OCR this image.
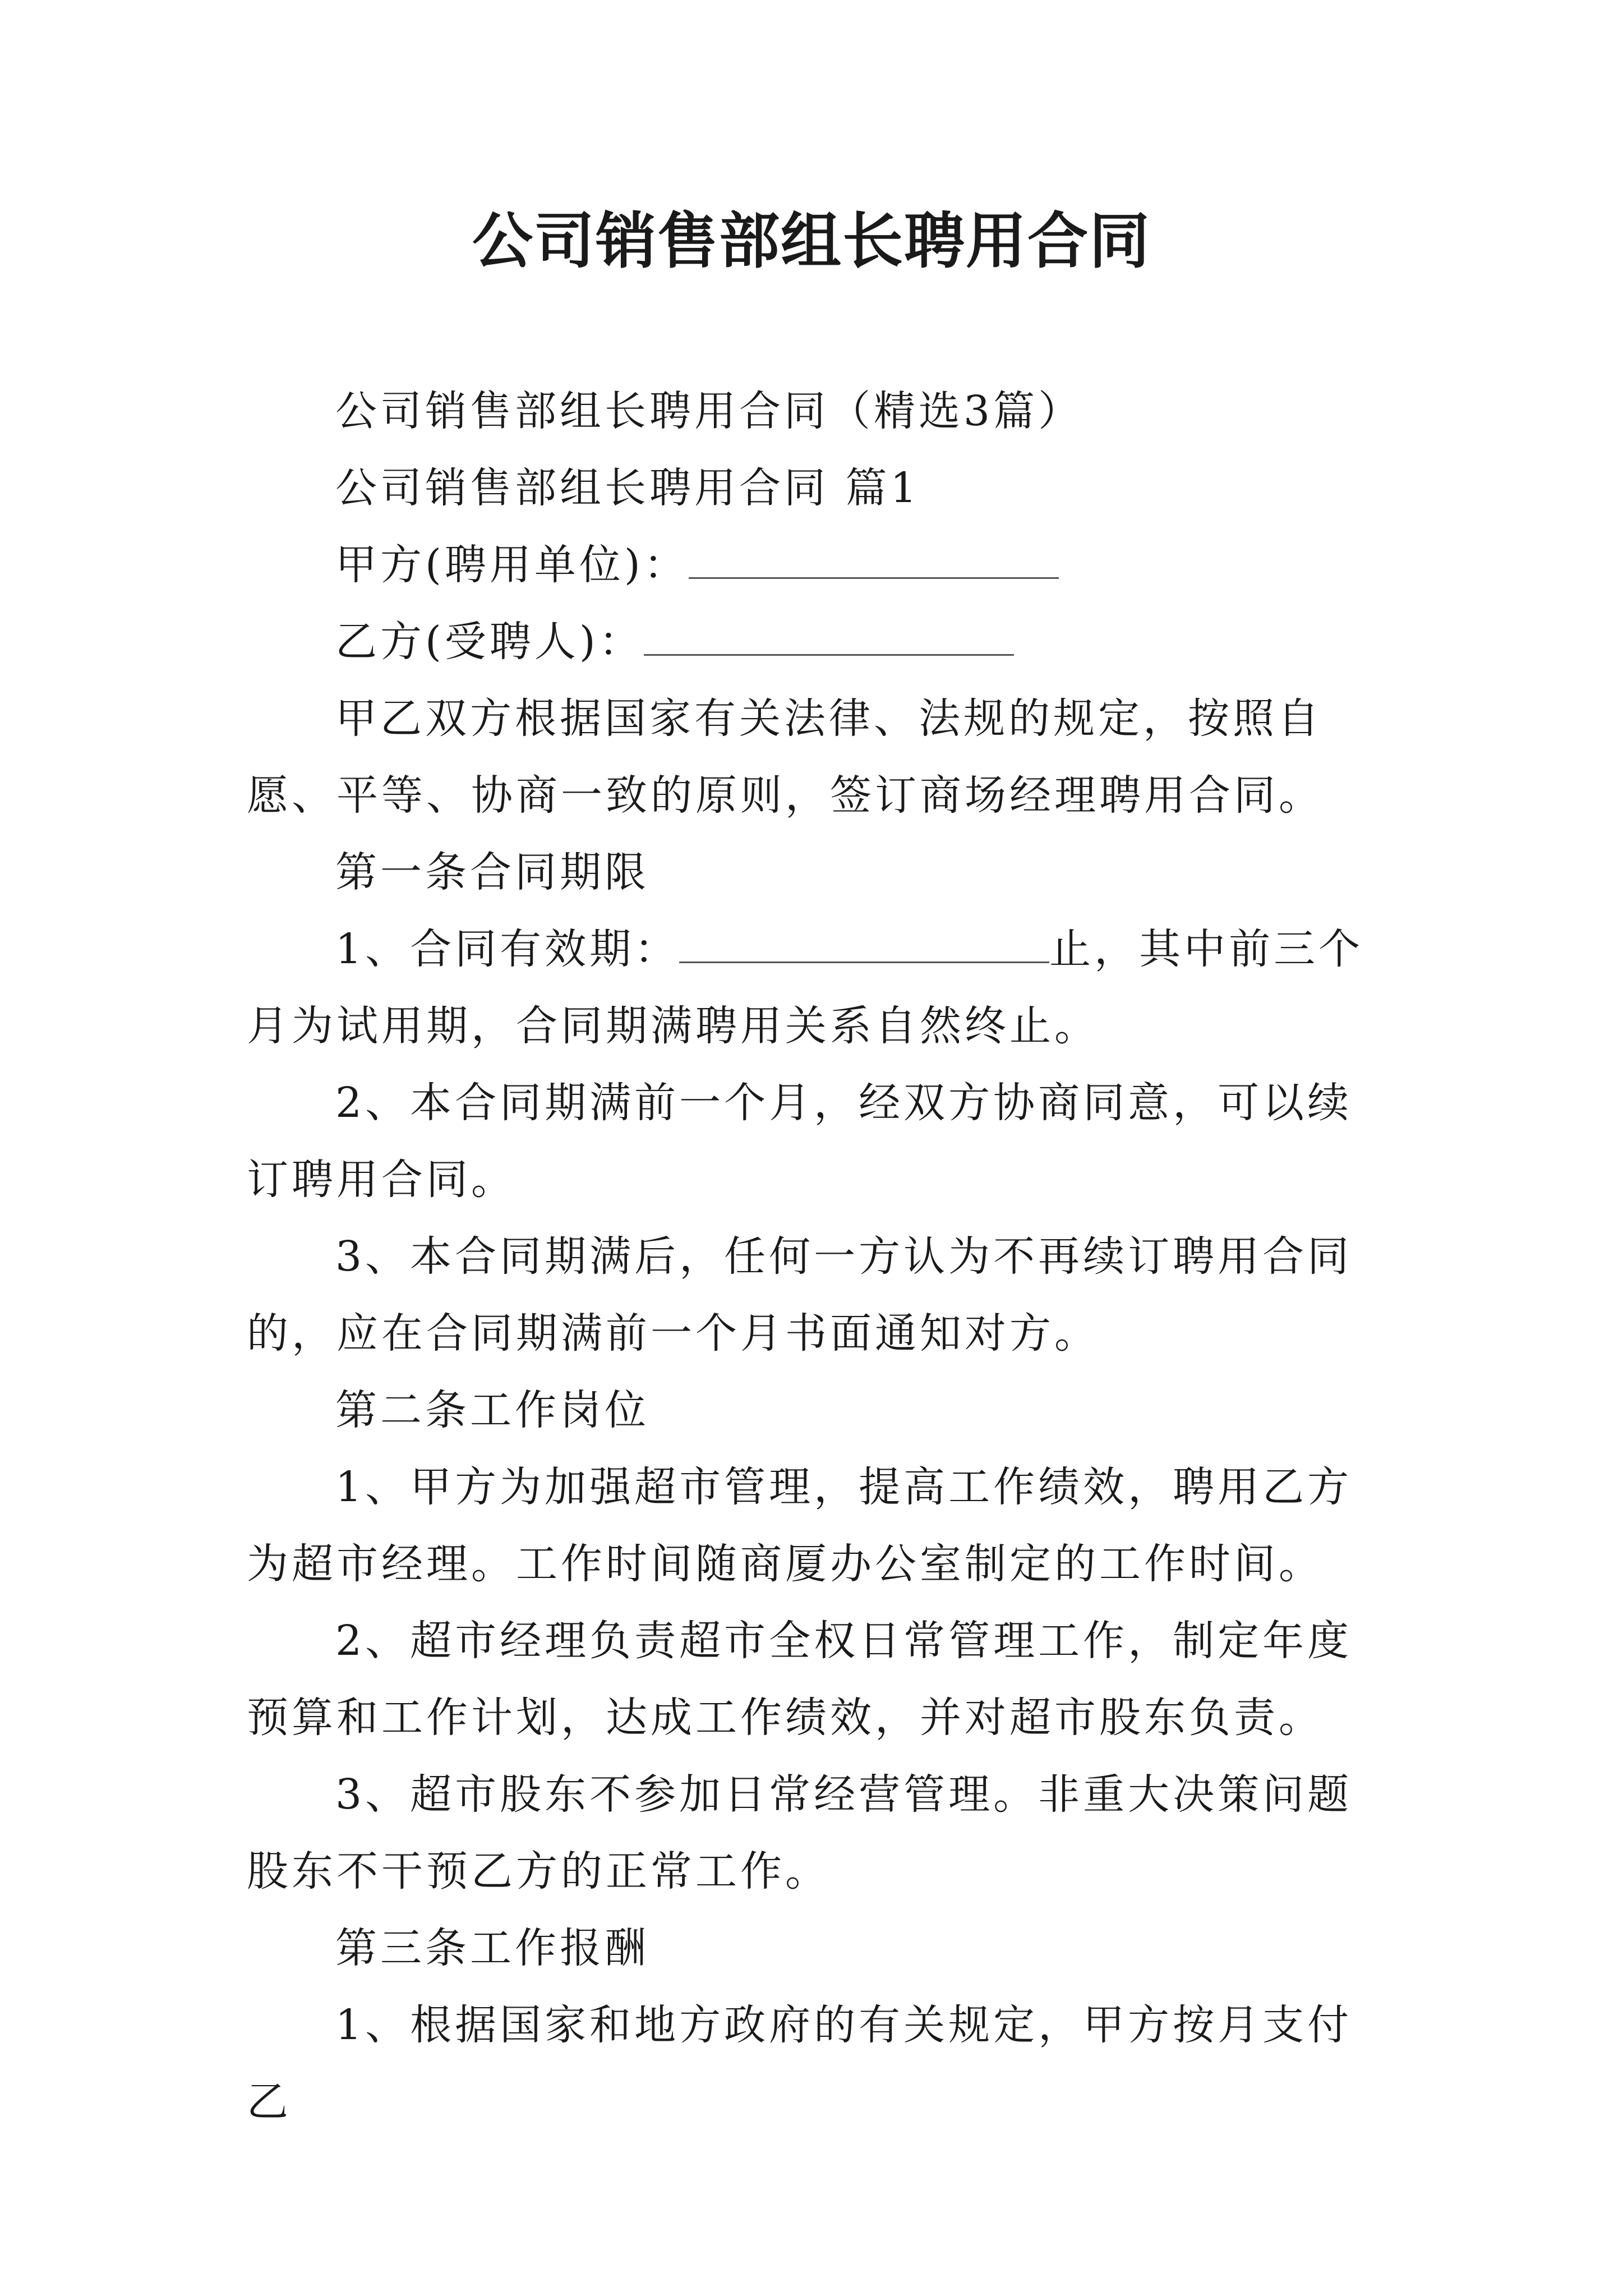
公司销售部组长聘用合同

公司销售部组长聘用合同（精选3篇）

公司销售部组长聘用合同 篇1

甲方(聘用单位)：

乙方(受聘人)：

甲乙双方根据国家有关法律、法规的规定，按照自愿、平等、协商一致的原则，签订商场经理聘用合同。

第一条合同期限

1、合同有效期：	止，其中前三个月为试用期，合同期满聘用关系自然终止。

2、本合同期满前一个月，经双方协商同意，可以续订聘用合同。

3、本合同期满后，任何一方认为不再续订聘用合同的，应在合同期满前一个月书面通知对方。

第二条工作岗位

1、甲方为加强超市管理，提高工作绩效，聘用乙方为超市经理。工作时间随商厦办公室制定的工作时间。

2、超市经理负责超市全权日常管理工作，制定年度预算和工作计划，达成工作绩效，并对超市股东负责。

3、超市股东不参加日常经营管理。非重大决策问题股东不干预乙方的正常工作。

第三条工作报酬

1、根据国家和地方政府的有关规定，甲方按月支付乙
